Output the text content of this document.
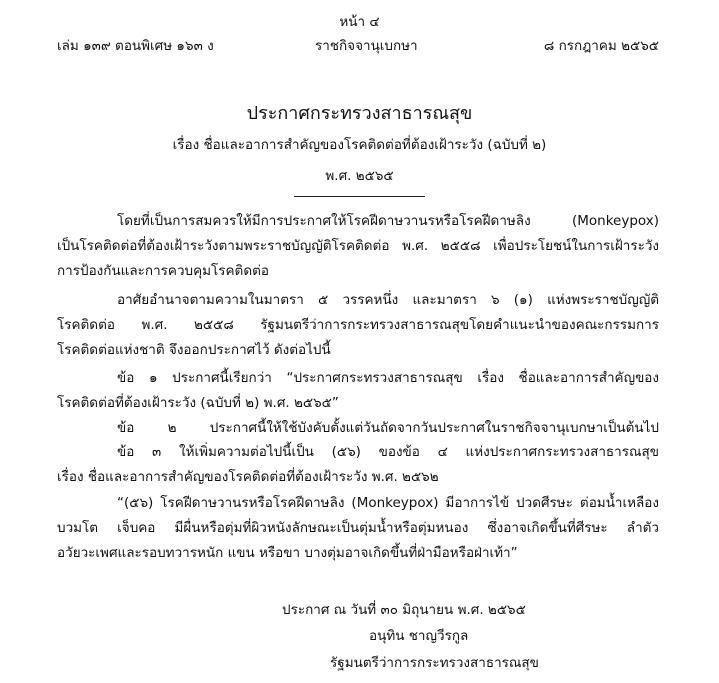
หน้า ๔
เล่ม ๑๓๙ ตอนพิเศษ ๑๖๓ ง	ราชกิจจานุเบกษา	๘ กรกฎาคม ๒๕๖๕
ประกาศกระทรวงสาธารณสุข
เรื่อง ชื่อและอาการสำคัญของโรคติดต่อที่ต้องเฝ้าระวัง (ฉบับที่ ๒)
พ.ศ. ๒๕๖๕
โดยที่เป็นการสมควรให้มีการประกาศให้โรคฝีดาษวานรหรือโรคฝีดาษลิง (Monkeypox)
เป็นโรคติดต่อที่ต้องเฝ้าระวังตามพระราชบัญญัติโรคติดต่อ พ.ศ. ๒๕๕๘ เพื่อประโยชน์ในการเฝ้าระวัง
การป้องกันและการควบคุมโรคติดต่อ
อาศัยอำนาจตามความในมาตรา ๕ วรรคหนึ่ง และมาตรา ๖ (๑) แห่งพระราชบัญญัติ
โรคติดต่อ พ.ศ. ๒๕๕๘ รัฐมนตรีว่าการกระทรวงสาธารณสุขโดยคำแนะนำของคณะกรรมการ
โรคติดต่อแห่งชาติ จึงออกประกาศไว้ ดังต่อไปนี้
ข้อ ๑ ประกาศนี้เรียกว่า “ประกาศกระทรวงสาธารณสุข เรื่อง ชื่อและอาการสำคัญของ
โรคติดต่อที่ต้องเฝ้าระวัง (ฉบับที่ ๒) พ.ศ. ๒๕๖๕”
ข้อ ๒ ประกาศนี้ให้ใช้บังคับตั้งแต่วันถัดจากวันประกาศในราชกิจจานุเบกษาเป็นต้นไป
ข้อ ๓ ให้เพิ่มความต่อไปนี้เป็น (๕๖) ของข้อ ๔ แห่งประกาศกระทรวงสาธารณสุข
เรื่อง ชื่อและอาการสำคัญของโรคติดต่อที่ต้องเฝ้าระวัง พ.ศ. ๒๕๖๒
“(๕๖) โรคฝีดาษวานรหรือโรคฝีดาษลิง (Monkeypox) มีอาการไข้ ปวดศีรษะ ต่อมน้ำเหลือง
บวมโต เจ็บคอ มีผื่นหรือตุ่มที่ผิวหนังลักษณะเป็นตุ่มน้ำหรือตุ่มหนอง ซึ่งอาจเกิดขึ้นที่ศีรษะ ลำตัว
อวัยวะเพศและรอบทวารหนัก แขน หรือขา บางตุ่มอาจเกิดขึ้นที่ฝ่ามือหรือฝ่าเท้า”
ประกาศ ณ วันที่ ๓๐ มิถุนายน พ.ศ. ๒๕๖๕
อนุทิน ชาญวีรกูล
รัฐมนตรีว่าการกระทรวงสาธารณสุข
